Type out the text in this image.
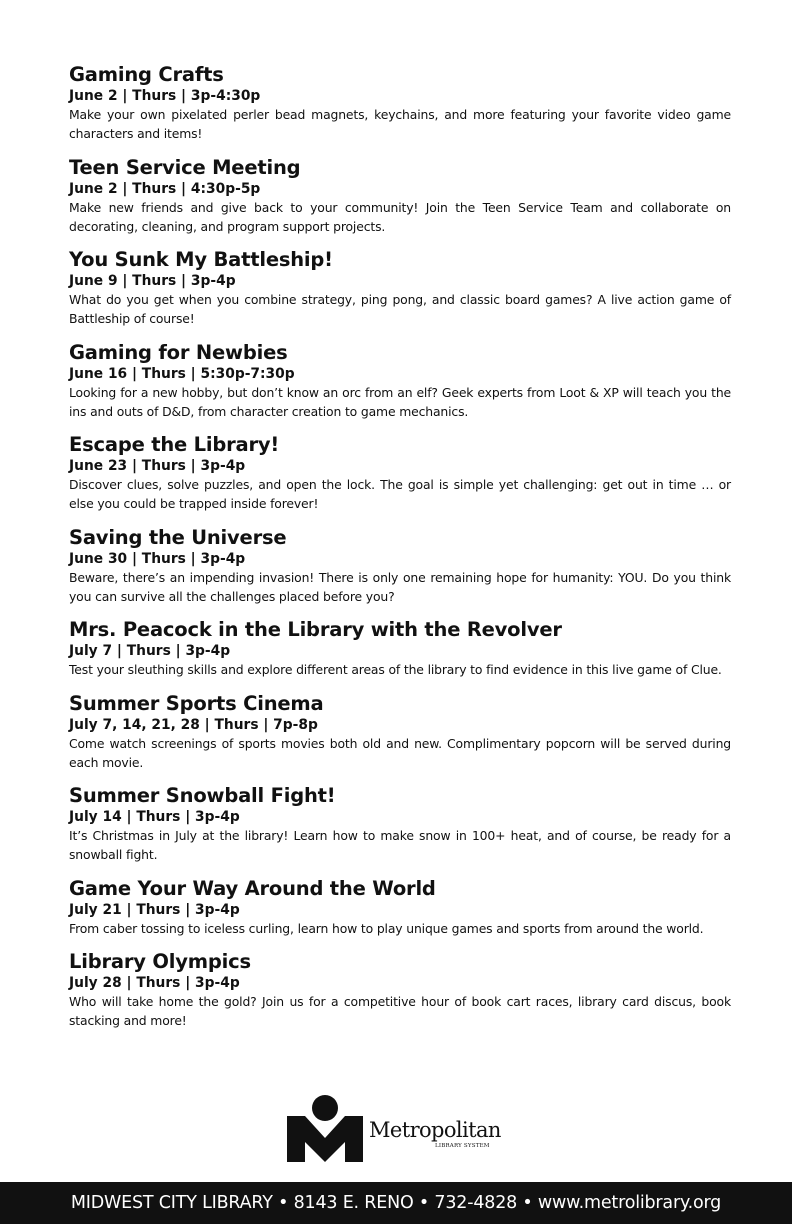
Gaming Crafts
June 2 | Thurs | 3p-4:30p
Make your own pixelated perler bead magnets, keychains, and more featuring your favorite video game characters and items!
Teen Service Meeting
June 2 | Thurs | 4:30p-5p
Make new friends and give back to your community! Join the Teen Service Team and collaborate on decorating, cleaning, and program support projects.
You Sunk My Battleship!
June 9 | Thurs | 3p-4p
What do you get when you combine strategy, ping pong, and classic board games? A live action game of Battleship of course!
Gaming for Newbies
June 16 | Thurs | 5:30p-7:30p
Looking for a new hobby, but don’t know an orc from an elf? Geek experts from Loot & XP will teach you the ins and outs of D&D, from character creation to game mechanics.
Escape the Library!
June 23 | Thurs | 3p-4p
Discover clues, solve puzzles, and open the lock. The goal is simple yet challenging: get out in time … or else you could be trapped inside forever!
Saving the Universe
June 30 | Thurs | 3p-4p
Beware, there’s an impending invasion! There is only one remaining hope for humanity: YOU. Do you think you can survive all the challenges placed before you?
Mrs. Peacock in the Library with the Revolver
July 7 | Thurs | 3p-4p
Test your sleuthing skills and explore different areas of the library to find evidence in this live game of Clue.
Summer Sports Cinema
July 7, 14, 21, 28 | Thurs | 7p-8p
Come watch screenings of sports movies both old and new. Complimentary popcorn will be served during each movie.
Summer Snowball Fight!
July 14 | Thurs | 3p-4p
It’s Christmas in July at the library! Learn how to make snow in 100+ heat, and of course, be ready for a snowball fight.
Game Your Way Around the World
July 21 | Thurs | 3p-4p
From caber tossing to iceless curling, learn how to play unique games and sports from around the world.
Library Olympics
July 28 | Thurs | 3p-4p
Who will take home the gold? Join us for a competitive hour of book cart races, library card discus, book stacking and more!
Metropolitan
LIBRARY SYSTEM
MIDWEST CITY LIBRARY • 8143 E. RENO • 732-4828 • www.metrolibrary.org
